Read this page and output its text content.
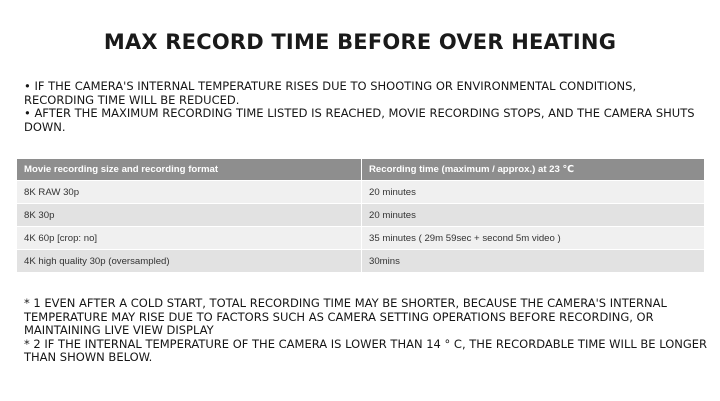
MAX RECORD TIME BEFORE OVER HEATING

• IF THE CAMERA'S INTERNAL TEMPERATURE RISES DUE TO SHOOTING OR ENVIRONMENTAL CONDITIONS, RECORDING TIME WILL BE REDUCED.

• AFTER THE MAXIMUM RECORDING TIME LISTED IS REACHED, MOVIE RECORDING STOPS, AND THE CAMERA SHUTS DOWN.

Movie recording size and recording format	Recording time (maximum / approx.) at 23 ℃
8K RAW 30p	20 minutes
8K 30p	20 minutes
4K 60p [crop: no]	35 minutes ( 29m 59sec + second 5m video )
4K high quality 30p (oversampled)	30mins

* 1 EVEN AFTER A COLD START, TOTAL RECORDING TIME MAY BE SHORTER, BECAUSE THE CAMERA'S INTERNAL TEMPERATURE MAY RISE DUE TO FACTORS SUCH AS CAMERA SETTING OPERATIONS BEFORE RECORDING, OR MAINTAINING LIVE VIEW DISPLAY

* 2 IF THE INTERNAL TEMPERATURE OF THE CAMERA IS LOWER THAN 14 ° C, THE RECORDABLE TIME WILL BE LONGER THAN SHOWN BELOW.
